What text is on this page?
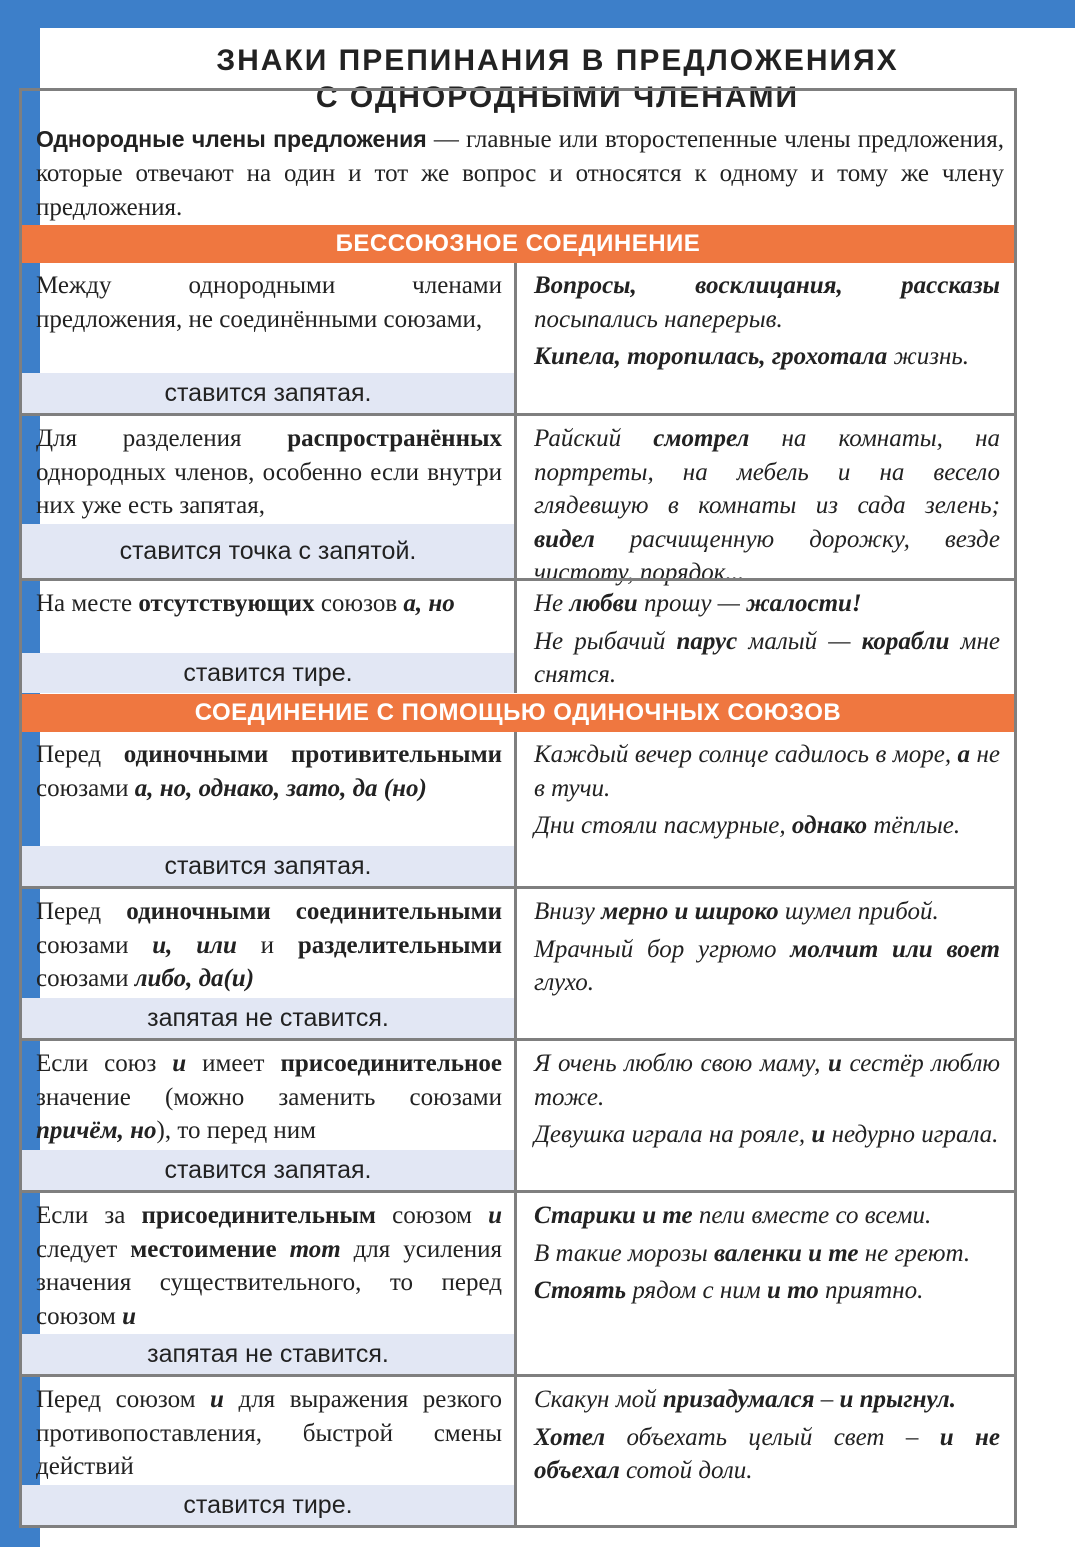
ЗНАКИ ПРЕПИНАНИЯ В ПРЕДЛОЖЕНИЯХ
С ОДНОРОДНЫМИ ЧЛЕНАМИ
Однородные члены предложения — главные или второстепенные члены предложения, которые отвечают на один и тот же вопрос и относятся к одному и тому же члену предложения.
БЕССОЮЗНОЕ СОЕДИНЕНИЕ
Между однородными членами предложения, не соединёнными союзами,
ставится запятая.
Вопросы, восклицания, рассказы посыпались наперерыв.
Кипела, торопилась, грохотала жизнь.
Для разделения распространённых однородных членов, особенно если внутри них уже есть запятая,
ставится точка с запятой.
Райский смотрел на комнаты, на портреты, на мебель и на весело глядевшую в комнаты из сада зелень; видел расчищенную дорожку, везде чистоту, порядок...
На месте отсутствующих союзов а, но
ставится тире.
Не любви прошу — жалости!
Не рыбачий парус малый — корабли мне снятся.
СОЕДИНЕНИЕ С ПОМОЩЬЮ ОДИНОЧНЫХ СОЮЗОВ
Перед одиночными противительными союзами а, но, однако, зато, да (но)
ставится запятая.
Каждый вечер солнце садилось в море, а не в тучи.
Дни стояли пасмурные, однако тёплые.
Перед одиночными соединительными союзами и, или и разделительными союзами либо, да(и)
запятая не ставится.
Внизу мерно и широко шумел прибой.
Мрачный бор угрюмо молчит или воет глухо.
Если союз и имеет присоединительное значение (можно заменить союзами причём, но), то перед ним
ставится запятая.
Я очень люблю свою маму, и сестёр люблю тоже.
Девушка играла на рояле, и недурно играла.
Если за присоединительным союзом и следует местоимение тот для усиления значения существительного, то перед союзом и
запятая не ставится.
Старики и те пели вместе со всеми.
В такие морозы валенки и те не греют.
Стоять рядом с ним и то приятно.
Перед союзом и для выражения резкого противопоставления, быстрой смены действий
ставится тире.
Скакун мой призадумался – и прыгнул.
Хотел объехать целый свет – и не объехал сотой доли.
